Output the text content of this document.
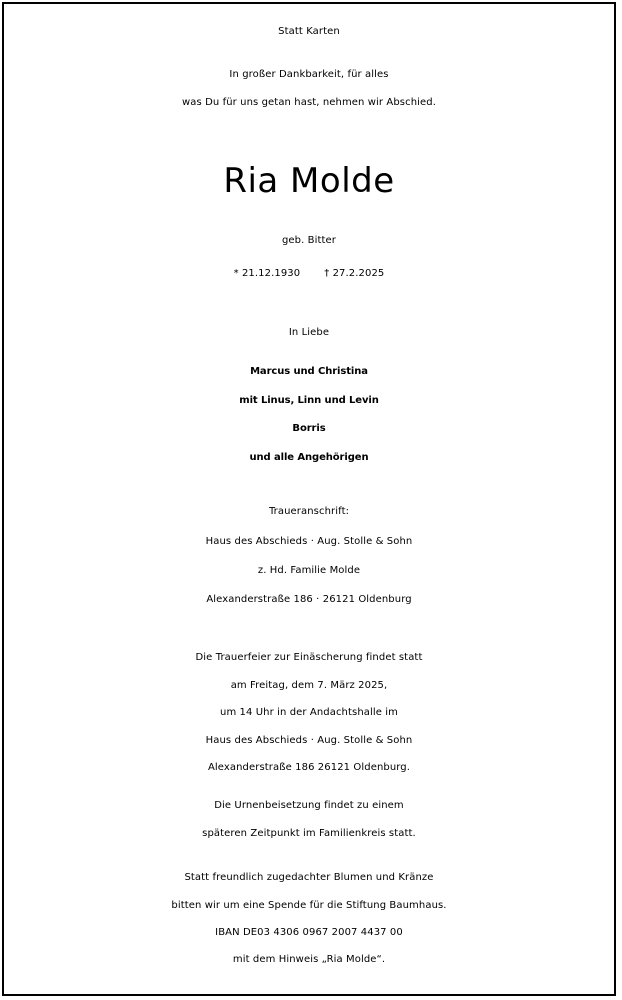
Statt Karten
In großer Dankbarkeit, für alles
was Du für uns getan hast, nehmen wir Abschied.
Ria Molde
geb. Bitter
* 21.12.1930 † 27.2.2025
In Liebe
Marcus und Christina
mit Linus, Linn und Levin
Borris
und alle Angehörigen
Traueranschrift:
Haus des Abschieds · Aug. Stolle & Sohn
z. Hd. Familie Molde
Alexanderstraße 186 · 26121 Oldenburg
Die Trauerfeier zur Einäscherung findet statt
am Freitag, dem 7. März 2025,
um 14 Uhr in der Andachtshalle im
Haus des Abschieds · Aug. Stolle & Sohn
Alexanderstraße 186 26121 Oldenburg.
Die Urnenbeisetzung findet zu einem
späteren Zeitpunkt im Familienkreis statt.
Statt freundlich zugedachter Blumen und Kränze
bitten wir um eine Spende für die Stiftung Baumhaus.
IBAN DE03 4306 0967 2007 4437 00
mit dem Hinweis „Ria Molde“.
